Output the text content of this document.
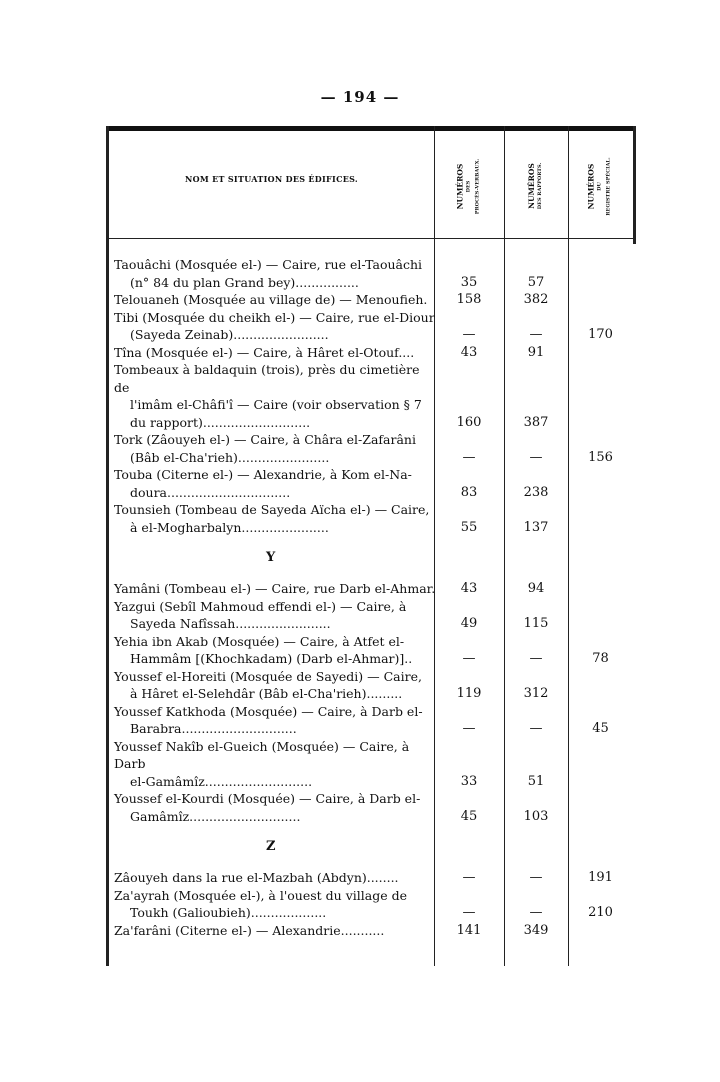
— 194 —
NOM ET SITUATION DES ÉDIFICES.	NUMÉROS DES PROCÈS-VERBAUX.	NUMÉROS DES RAPPORTS.	NUMÉROS DU REGISTRE SPÉCIAL.
Taouâchi (Mosquée el-) — Caire, rue el-Taouâchi
(n° 84 du plan Grand bey)................	35	57
Telouaneh (Mosquée au village de) — Menoufieh.	158	382
Tibi (Mosquée du cheikh el-) — Caire, rue el-Diour
(Sayeda Zeinab)........................	—	—	170
Tîna (Mosquée el-) — Caire, à Hâret el-Otouf....	43	91
Tombeaux à baldaquin (trois), près du cimetière de
l'imâm el-Châfi'î — Caire (voir observation § 7
du rapport)...........................	160	387
Tork (Zâouyeh el-) — Caire, à Châra el-Zafarâni
(Bâb el-Cha'rieh).......................	—	—	156
Touba (Citerne el-) — Alexandrie, à Kom el-Na-
doura...............................	83	238
Tounsieh (Tombeau de Sayeda Aïcha el-) — Caire,
à el-Mogharbalyn......................	55	137
Y
Yamâni (Tombeau el-) — Caire, rue Darb el-Ahmar.	43	94
Yazgui (Sebîl Mahmoud effendi el-) — Caire, à
Sayeda Nafîssah........................	49	115
Yehia ibn Akab (Mosquée) — Caire, à Atfet el-
Hammâm [(Khochkadam) (Darb el-Ahmar)]..	—	—	78
Youssef el-Horeiti (Mosquée de Sayedi) — Caire,
à Hâret el-Selehdâr (Bâb el-Cha'rieh).........	119	312
Youssef Katkhoda (Mosquée) — Caire, à Darb el-
Barabra.............................	—	—	45
Youssef Nakîb el-Gueich (Mosquée) — Caire, à Darb
el-Gamâmîz...........................	33	51
Youssef el-Kourdi (Mosquée) — Caire, à Darb el-
Gamâmîz............................	45	103
Z
Zâouyeh dans la rue el-Mazbah (Abdyn)........	—	—	191
Za'ayrah (Mosquée el-), à l'ouest du village de
Toukh (Galioubieh)...................	—	—	210
Za'farâni (Citerne el-) — Alexandrie...........	141	349
